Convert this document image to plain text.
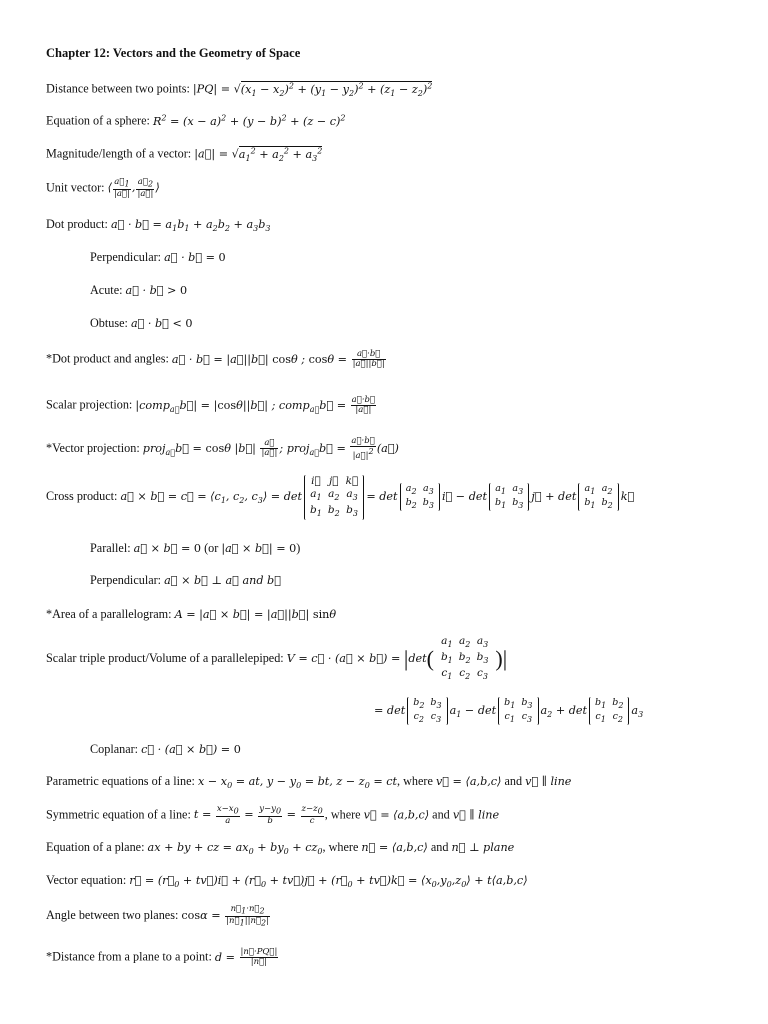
Chapter 12: Vectors and the Geometry of Space
Distance between two points: $|PQ| = √(x_1 - x_2)^2 + (y_1 - y_2)^2 + (z_1 - z_2)^2$
Equation of a sphere: $R^2 = (x - a)^2 + (y - b)^2 + (z - c)^2$
Magnitude/length of a vector: |a⃗| = $√a_1^2 + a_2^2 + a_3^2$
Unit vector: ⟨ $\frac{a⃗_1}{|a⃗|}$ , $\frac{a⃗_2}{|a⃗|}$ ⟩
Dot product: a⃗ · b⃗ = $a_1b_1 + a_2b_2 + a_3b_3$
Perpendicular: a⃗ · b⃗ = 0
Acute: a⃗ · b⃗ > 0
Obtuse: a⃗ · b⃗ < 0
*Dot product and angles: a⃗ · b⃗ = |a⃗||b⃗| cosθ ; $\cos\theta = \frac{a⃗\cdot b⃗}{|a⃗||b⃗|}$
Scalar projection: |comp$_{a⃗}$b⃗| = |cosθ||b⃗| ; comp$_{a⃗}$b⃗ = $\frac{a⃗\cdot b⃗}{|a⃗|}$
*Vector projection: proj$_{a⃗}$b⃗ = cosθ |b⃗| $\frac{a⃗}{|a⃗|}$ ; proj$_{a⃗}$b⃗ = $\frac{a⃗\cdot b⃗}{|a⃗|^2}$ (a⃗)
Cross product: a⃗ × b⃗ = c⃗ = $⟨c_1$, $c_2$, $c_3⟩ = \det$
i⃗	j⃗	k⃗
$a_1$	$a_2$	$a_3$
$b_1$	$b_2$	$b_3$
= det
$a_2$	$a_3$
$b_2$	$b_3$
i⃗ − det
$a_1$	$a_3$
$b_1$	$b_3$
j⃗ + det
$a_1$	$a_2$
$b_1$	$b_2$
k⃗
Parallel: a⃗ × b⃗ = 0 (or |a⃗ × b⃗| = 0)
Perpendicular: a⃗ × b⃗ ⊥ a⃗ and b⃗
*Area of a parallelogram: A = |a⃗ × b⃗| = |a⃗||b⃗| sinθ
Scalar triple product/Volume of a parallelepiped: V = c⃗ · (a⃗ × b⃗) = |det(
$a_1$	$a_2$	$a_3$
$b_1$	$b_2$	$b_3$
$c_1$	$c_2$	$c_3$
)|
= det
$b_2$	$b_3$
$c_2$	$c_3$
$a_1 - \det$
$b_1$	$b_3$
$c_1$	$c_3$
$a_2 + \det$
$b_1$	$b_2$
$c_1$	$c_2$
$a_3$
Coplanar: c⃗ · (a⃗ × b⃗) = 0
Parametric equations of a line: $x - x_0$ = at, $y - y_0$ = bt, $z - z_0$ = ct, where v⃗ = ⟨a,b,c⟩ and v⃗ ∥ line
Symmetric equation of a line: $t = \frac{x-x_0}{a} = \frac{y-y_0}{b} = \frac{z-z_0}{c}$ , where v⃗ = ⟨a,b,c⟩ and v⃗ ∥ line
Equation of a plane: ax + by + cz = $ax_0 + by_0 + cz_0$, where n⃗ = ⟨a,b,c⟩ and n⃗ ⊥ plane
Vector equation: r⃗ = ($r⃗_0$ + tv⃗)i⃗ + ($r⃗_0$ + tv⃗)j⃗ + ($r⃗_0$ + tv⃗)k⃗ = $⟨x_0,y_0,z_0⟩$ + t⟨a,b,c⟩
Angle between two planes: $\cos\alpha = \frac{n⃗_1\cdot n⃗_2}{|n⃗_1||n⃗_2|}$
*Distance from a plane to a point: $d = \frac{|n⃗\cdot PQ⃗|}{|n⃗|}$
